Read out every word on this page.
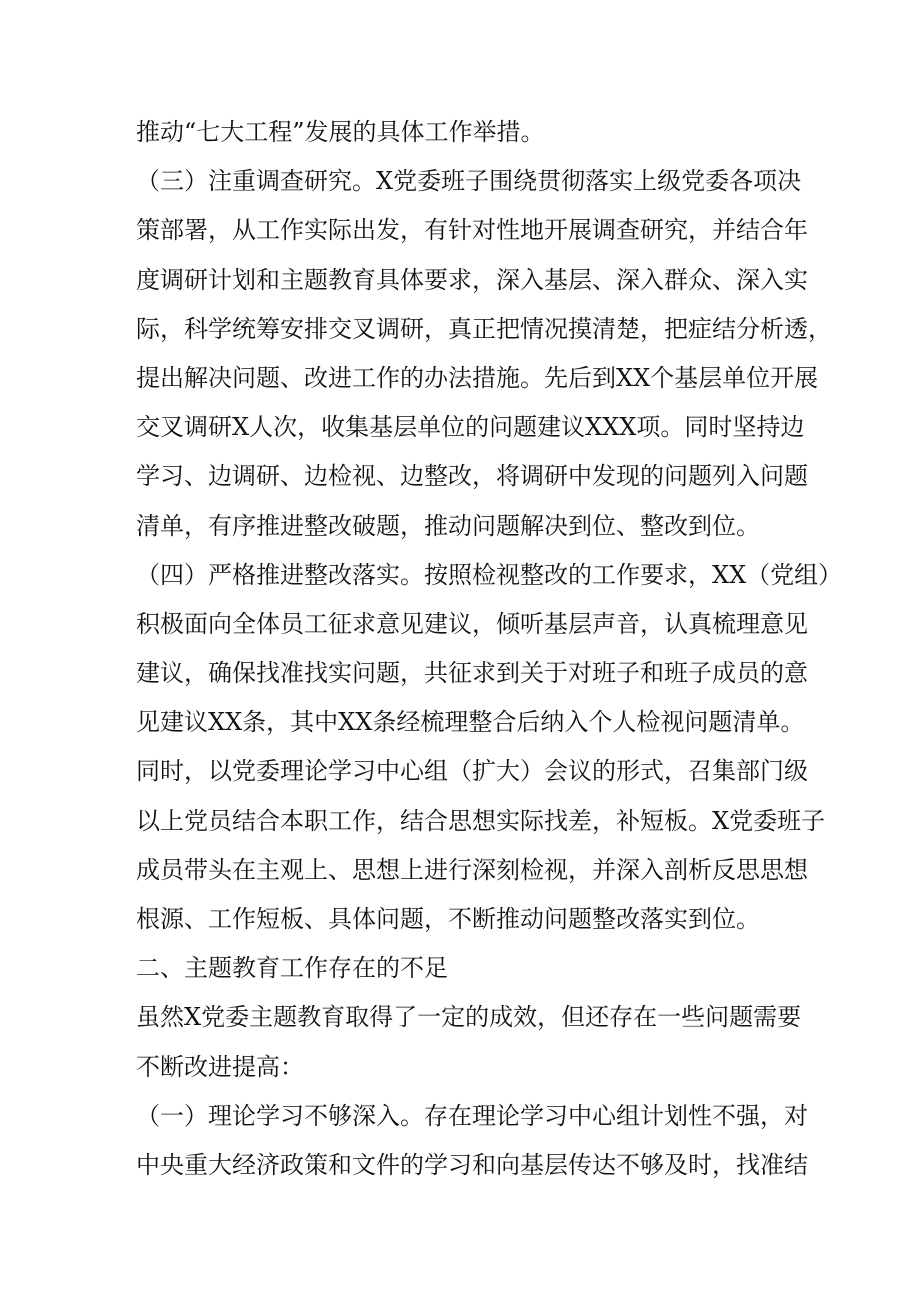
推动“七大工程”发展的具体工作举措。
（三）注重调查研究。X党委班子围绕贯彻落实上级党委各项决
策部署，从工作实际出发，有针对性地开展调查研究，并结合年
度调研计划和主题教育具体要求，深入基层、深入群众、深入实
际，科学统筹安排交叉调研，真正把情况摸清楚，把症结分析透，
提出解决问题、改进工作的办法措施。先后到XX个基层单位开展
交叉调研X人次，收集基层单位的问题建议XXX项。同时坚持边
学习、边调研、边检视、边整改，将调研中发现的问题列入问题
清单，有序推进整改破题，推动问题解决到位、整改到位。
（四）严格推进整改落实。按照检视整改的工作要求，XX（党组）
积极面向全体员工征求意见建议，倾听基层声音，认真梳理意见
建议，确保找准找实问题，共征求到关于对班子和班子成员的意
见建议XX条，其中XX条经梳理整合后纳入个人检视问题清单。
同时，以党委理论学习中心组（扩大）会议的形式，召集部门级
以上党员结合本职工作，结合思想实际找差，补短板。X党委班子
成员带头在主观上、思想上进行深刻检视，并深入剖析反思思想
根源、工作短板、具体问题，不断推动问题整改落实到位。
二、主题教育工作存在的不足
虽然X党委主题教育取得了一定的成效，但还存在一些问题需要
不断改进提高：
（一）理论学习不够深入。存在理论学习中心组计划性不强，对
中央重大经济政策和文件的学习和向基层传达不够及时，找准结
